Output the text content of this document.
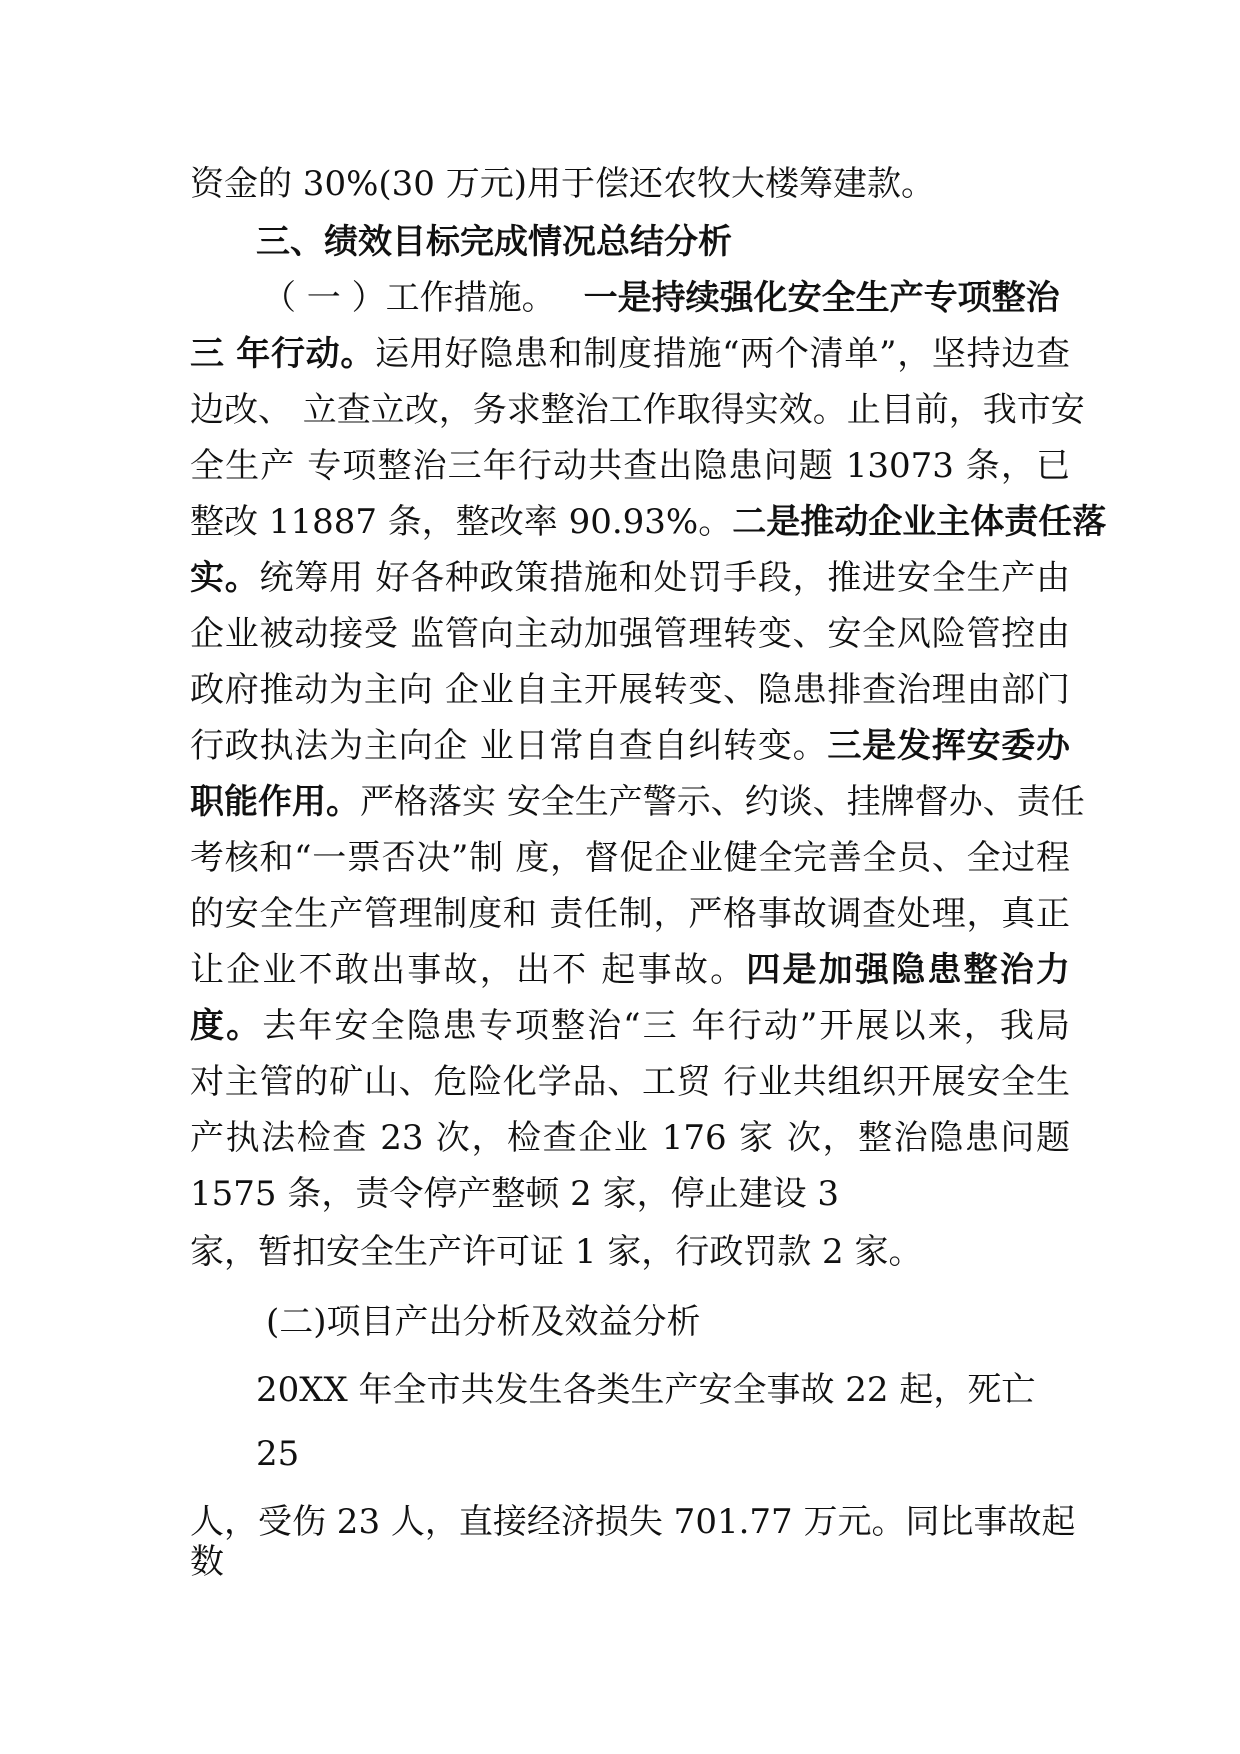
资金的 30%(30 万元)用于偿还农牧大楼筹建款。
三、绩效目标完成情况总结分析
（ 一 ）工作措施。 一是持续强化安全生产专项整治
三 年行动。运用好隐患和制度措施“两个清单”，坚持边查
边改、 立查立改，务求整治工作取得实效。止目前，我市安
全生产 专项整治三年行动共查出隐患问题 13073 条，已
整改 11887 条，整改率 90.93%。二是推动企业主体责任落
实。统筹用 好各种政策措施和处罚手段，推进安全生产由
企业被动接受 监管向主动加强管理转变、安全风险管控由
政府推动为主向 企业自主开展转变、隐患排查治理由部门
行政执法为主向企 业日常自查自纠转变。三是发挥安委办
职能作用。严格落实 安全生产警示、约谈、挂牌督办、责任
考核和“一票否决”制 度，督促企业健全完善全员、全过程
的安全生产管理制度和 责任制，严格事故调查处理，真正
让企业不敢出事故，出不 起事故。四是加强隐患整治力
度。去年安全隐患专项整治“三 年行动”开展以来，我局
对主管的矿山、危险化学品、工贸 行业共组织开展安全生
产执法检查 23 次，检查企业 176 家 次，整治隐患问题
1575 条，责令停产整顿 2 家，停止建设 3
家，暂扣安全生产许可证 1 家，行政罚款 2 家。
(二)项目产出分析及效益分析
20XX 年全市共发生各类生产安全事故 22 起，死亡
25
人，受伤 23 人，直接经济损失 701.77 万元。同比事故起
数
